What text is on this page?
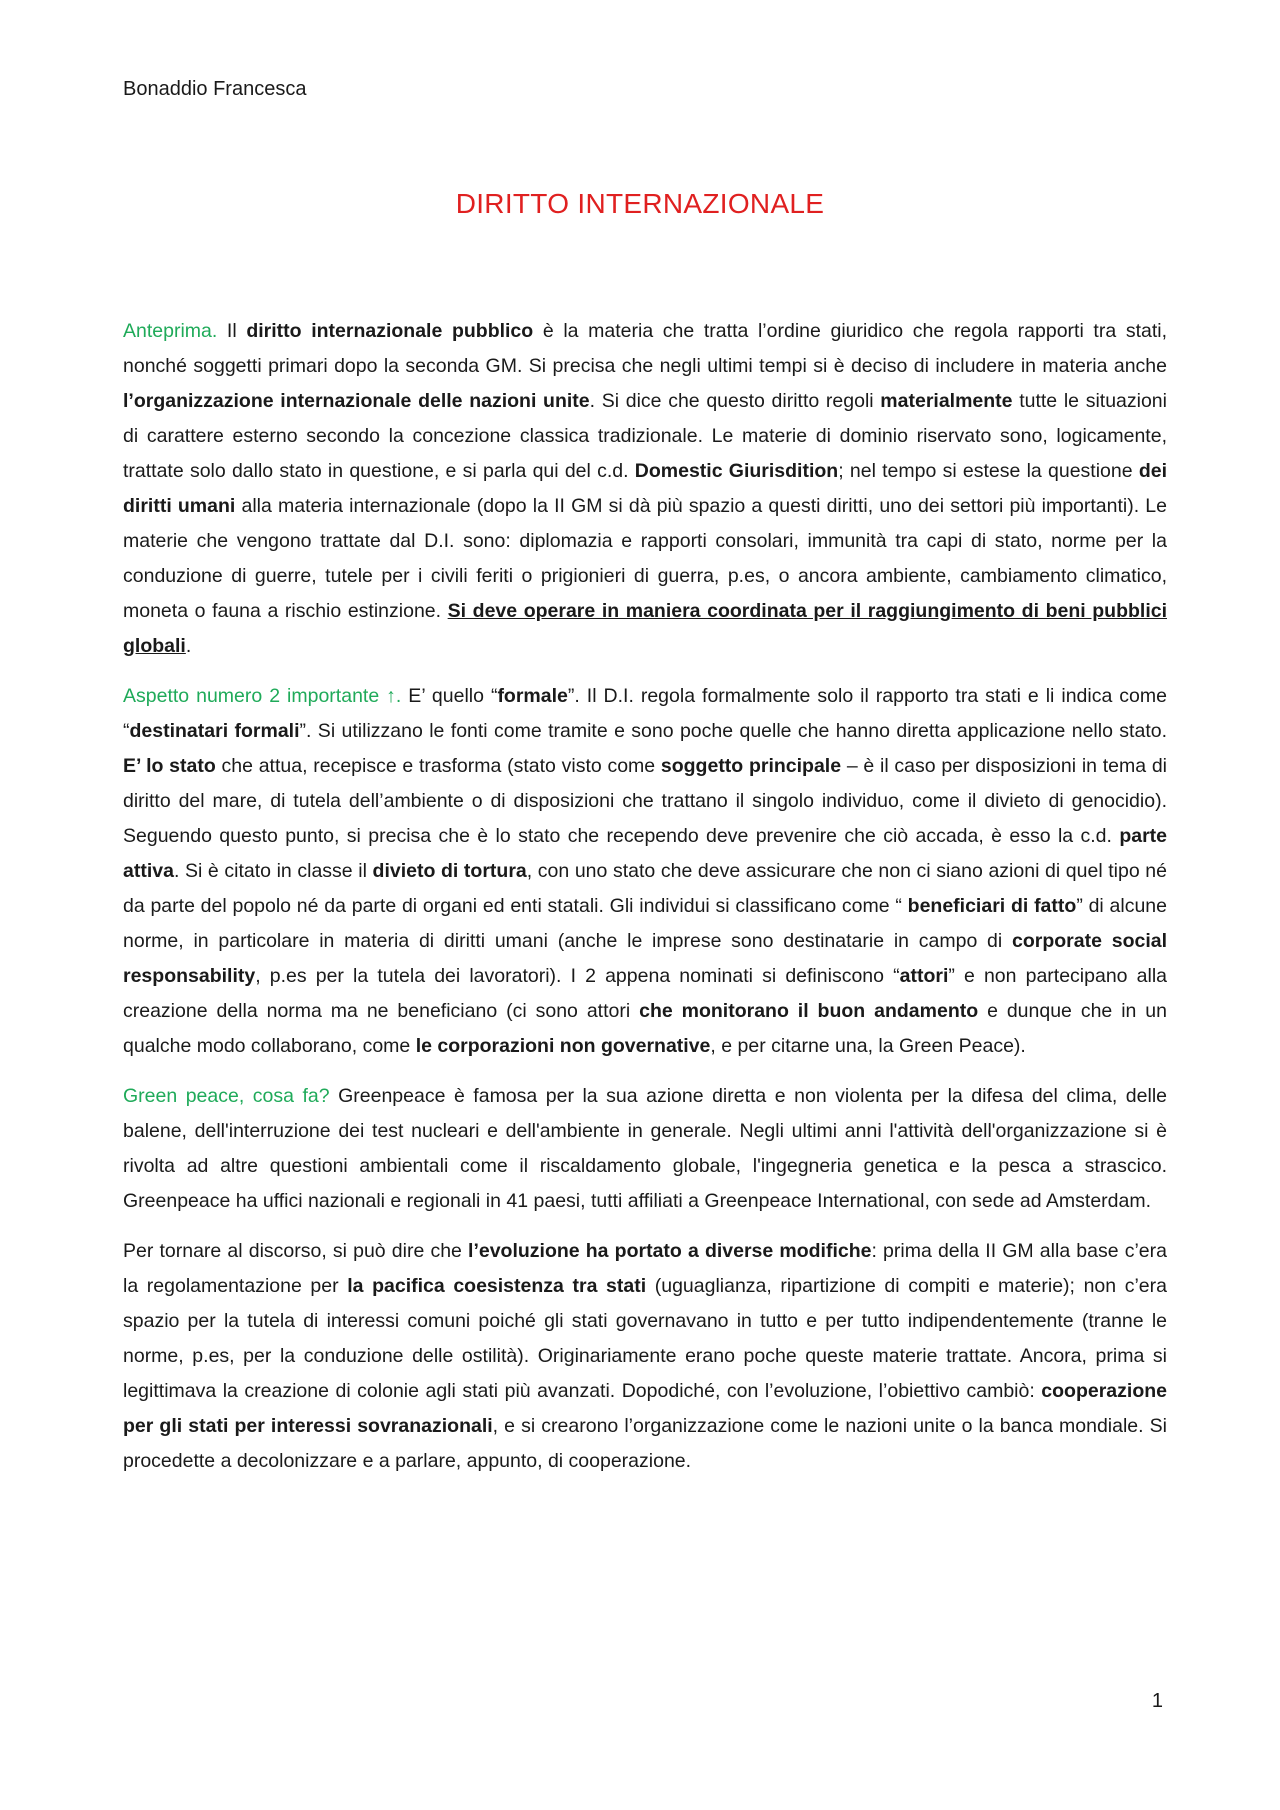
Bonaddio Francesca
DIRITTO INTERNAZIONALE

Anteprima. Il diritto internazionale pubblico è la materia che tratta l’ordine giuridico che regola rapporti tra stati, nonché soggetti primari dopo la seconda GM. Si precisa che negli ultimi tempi si è deciso di includere in materia anche l’organizzazione internazionale delle nazioni unite. Si dice che questo diritto regoli materialmente tutte le situazioni di carattere esterno secondo la concezione classica tradizionale. Le materie di dominio riservato sono, logicamente, trattate solo dallo stato in questione, e si parla qui del c.d. Domestic Giurisdition; nel tempo si estese la questione dei diritti umani alla materia internazionale (dopo la II GM si dà più spazio a questi diritti, uno dei settori più importanti). Le materie che vengono trattate dal D.I. sono: diplomazia e rapporti consolari, immunità tra capi di stato, norme per la conduzione di guerre, tutele per i civili feriti o prigionieri di guerra, p.es, o ancora ambiente, cambiamento climatico, moneta o fauna a rischio estinzione. Si deve operare in maniera coordinata per il raggiungimento di beni pubblici globali.

Aspetto numero 2 importante ↑. E’ quello “formale”. Il D.I. regola formalmente solo il rapporto tra stati e li indica come “destinatari formali”. Si utilizzano le fonti come tramite e sono poche quelle che hanno diretta applicazione nello stato. E’ lo stato che attua, recepisce e trasforma (stato visto come soggetto principale – è il caso per disposizioni in tema di diritto del mare, di tutela dell’ambiente o di disposizioni che trattano il singolo individuo, come il divieto di genocidio). Seguendo questo punto, si precisa che è lo stato che recependo deve prevenire che ciò accada, è esso la c.d. parte attiva. Si è citato in classe il divieto di tortura, con uno stato che deve assicurare che non ci siano azioni di quel tipo né da parte del popolo né da parte di organi ed enti statali. Gli individui si classificano come “ beneficiari di fatto” di alcune norme, in particolare in materia di diritti umani (anche le imprese sono destinatarie in campo di corporate social responsability, p.es per la tutela dei lavoratori). I 2 appena nominati si definiscono “attori” e non partecipano alla creazione della norma ma ne beneficiano (ci sono attori che monitorano il buon andamento e dunque che in un qualche modo collaborano, come le corporazioni non governative, e per citarne una, la Green Peace).

Green peace, cosa fa? Greenpeace è famosa per la sua azione diretta e non violenta per la difesa del clima, delle balene, dell'interruzione dei test nucleari e dell'ambiente in generale. Negli ultimi anni l'attività dell'organizzazione si è rivolta ad altre questioni ambientali come il riscaldamento globale, l'ingegneria genetica e la pesca a strascico. Greenpeace ha uffici nazionali e regionali in 41 paesi, tutti affiliati a Greenpeace International, con sede ad Amsterdam.

Per tornare al discorso, si può dire che l’evoluzione ha portato a diverse modifiche: prima della II GM alla base c’era la regolamentazione per la pacifica coesistenza tra stati (uguaglianza, ripartizione di compiti e materie); non c’era spazio per la tutela di interessi comuni poiché gli stati governavano in tutto e per tutto indipendentemente (tranne le norme, p.es, per la conduzione delle ostilità). Originariamente erano poche queste materie trattate. Ancora, prima si legittimava la creazione di colonie agli stati più avanzati. Dopodiché, con l’evoluzione, l’obiettivo cambiò: cooperazione per gli stati per interessi sovranazionali, e si crearono l’organizzazione come le nazioni unite o la banca mondiale. Si procedette a decolonizzare e a parlare, appunto, di cooperazione.

1
